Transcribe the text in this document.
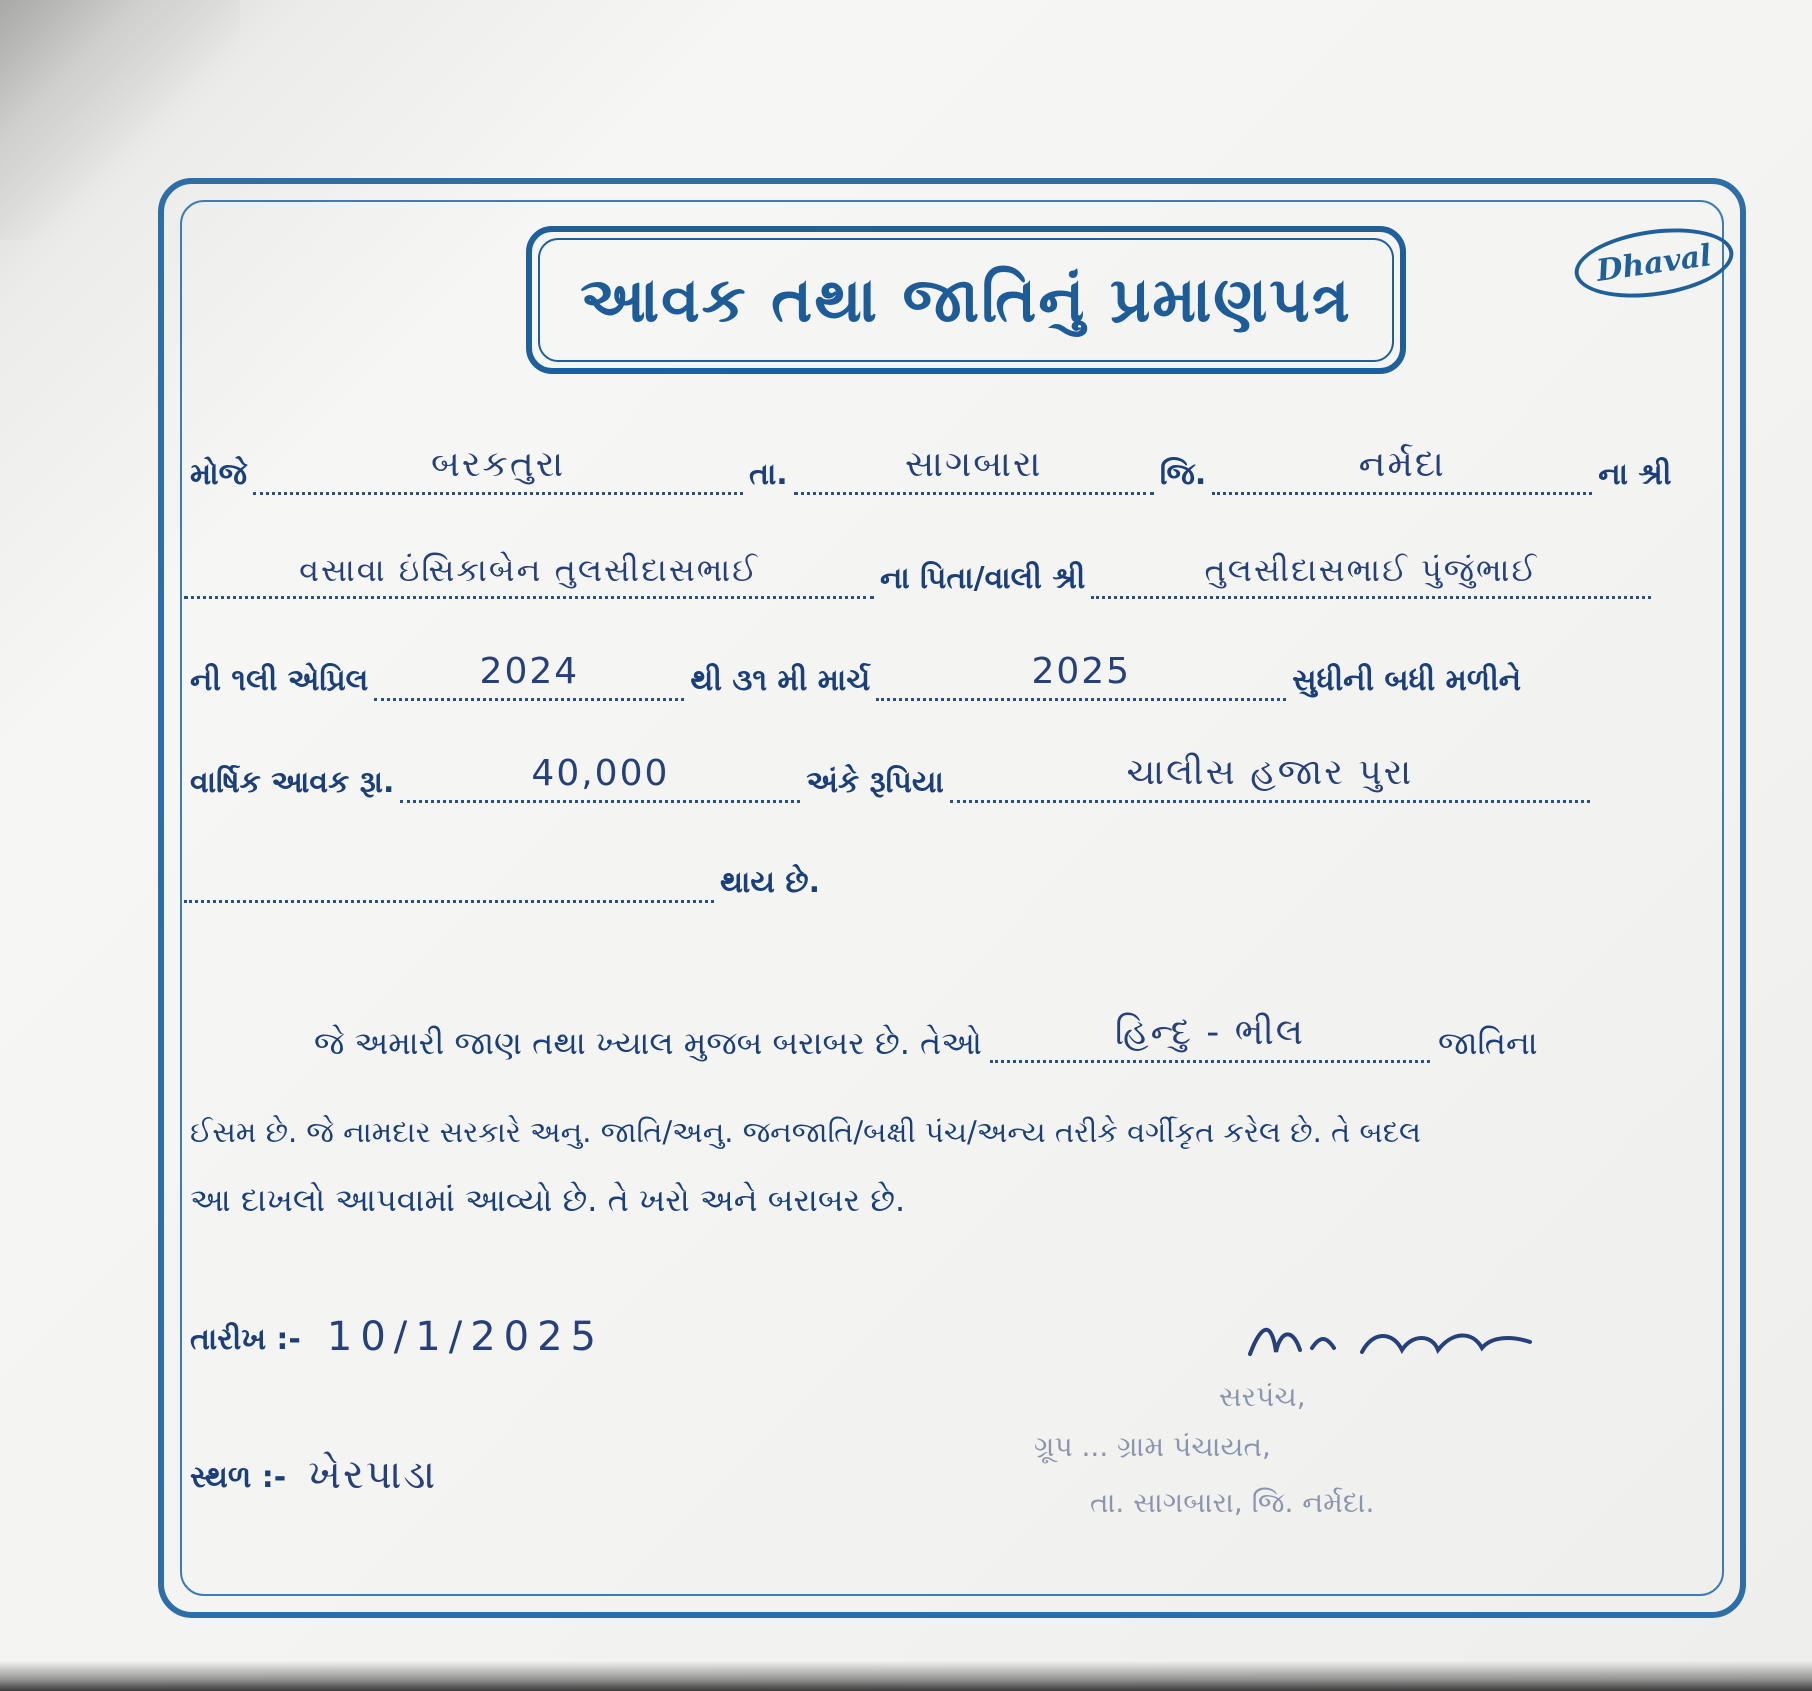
આવક તથા જાતિનું પ્રમાણપત્ર	Dhaval
મોજે	બરકતુરા	તા.	સાગબારા	જિ.	નર્મદા	ના શ્રી
વસાવા ઇંસિકાબેન તુલસીદાસભાઈ	ના પિતા/વાલી શ્રી	તુલસીદાસભાઈ પુંજુંભાઈ
ની ૧લી એપ્રિલ	2024	થી ૩૧ મી માર્ચ	2025	સુધીની બધી મળીને
વાર્ષિક આવક રૂા.	40,000	અંકે રૂપિયા	ચાલીસ હજાર પુરા
થાય છે.
જે અમારી જાણ તથા ખ્યાલ મુજબ બરાબર છે. તેઓ	હિન્દુ - ભીલ	જાતિના
ઈસમ છે. જે નામદાર સરકારે અનુ. જાતિ/અનુ. જનજાતિ/બક્ષી પંચ/અન્ય તરીકે વર્ગીકૃત કરેલ છે. તે બદલ
આ દાખલો આપવામાં આવ્યો છે. તે ખરો અને બરાબર છે.
તારીખ :- 10/1/2025
સ્થળ :- ખેરપાડા
સરપંચ,
ગ્રૂપ ... ગ્રામ પંચાયત,
તા. સાગબારા, જિ. નર્મદા.
